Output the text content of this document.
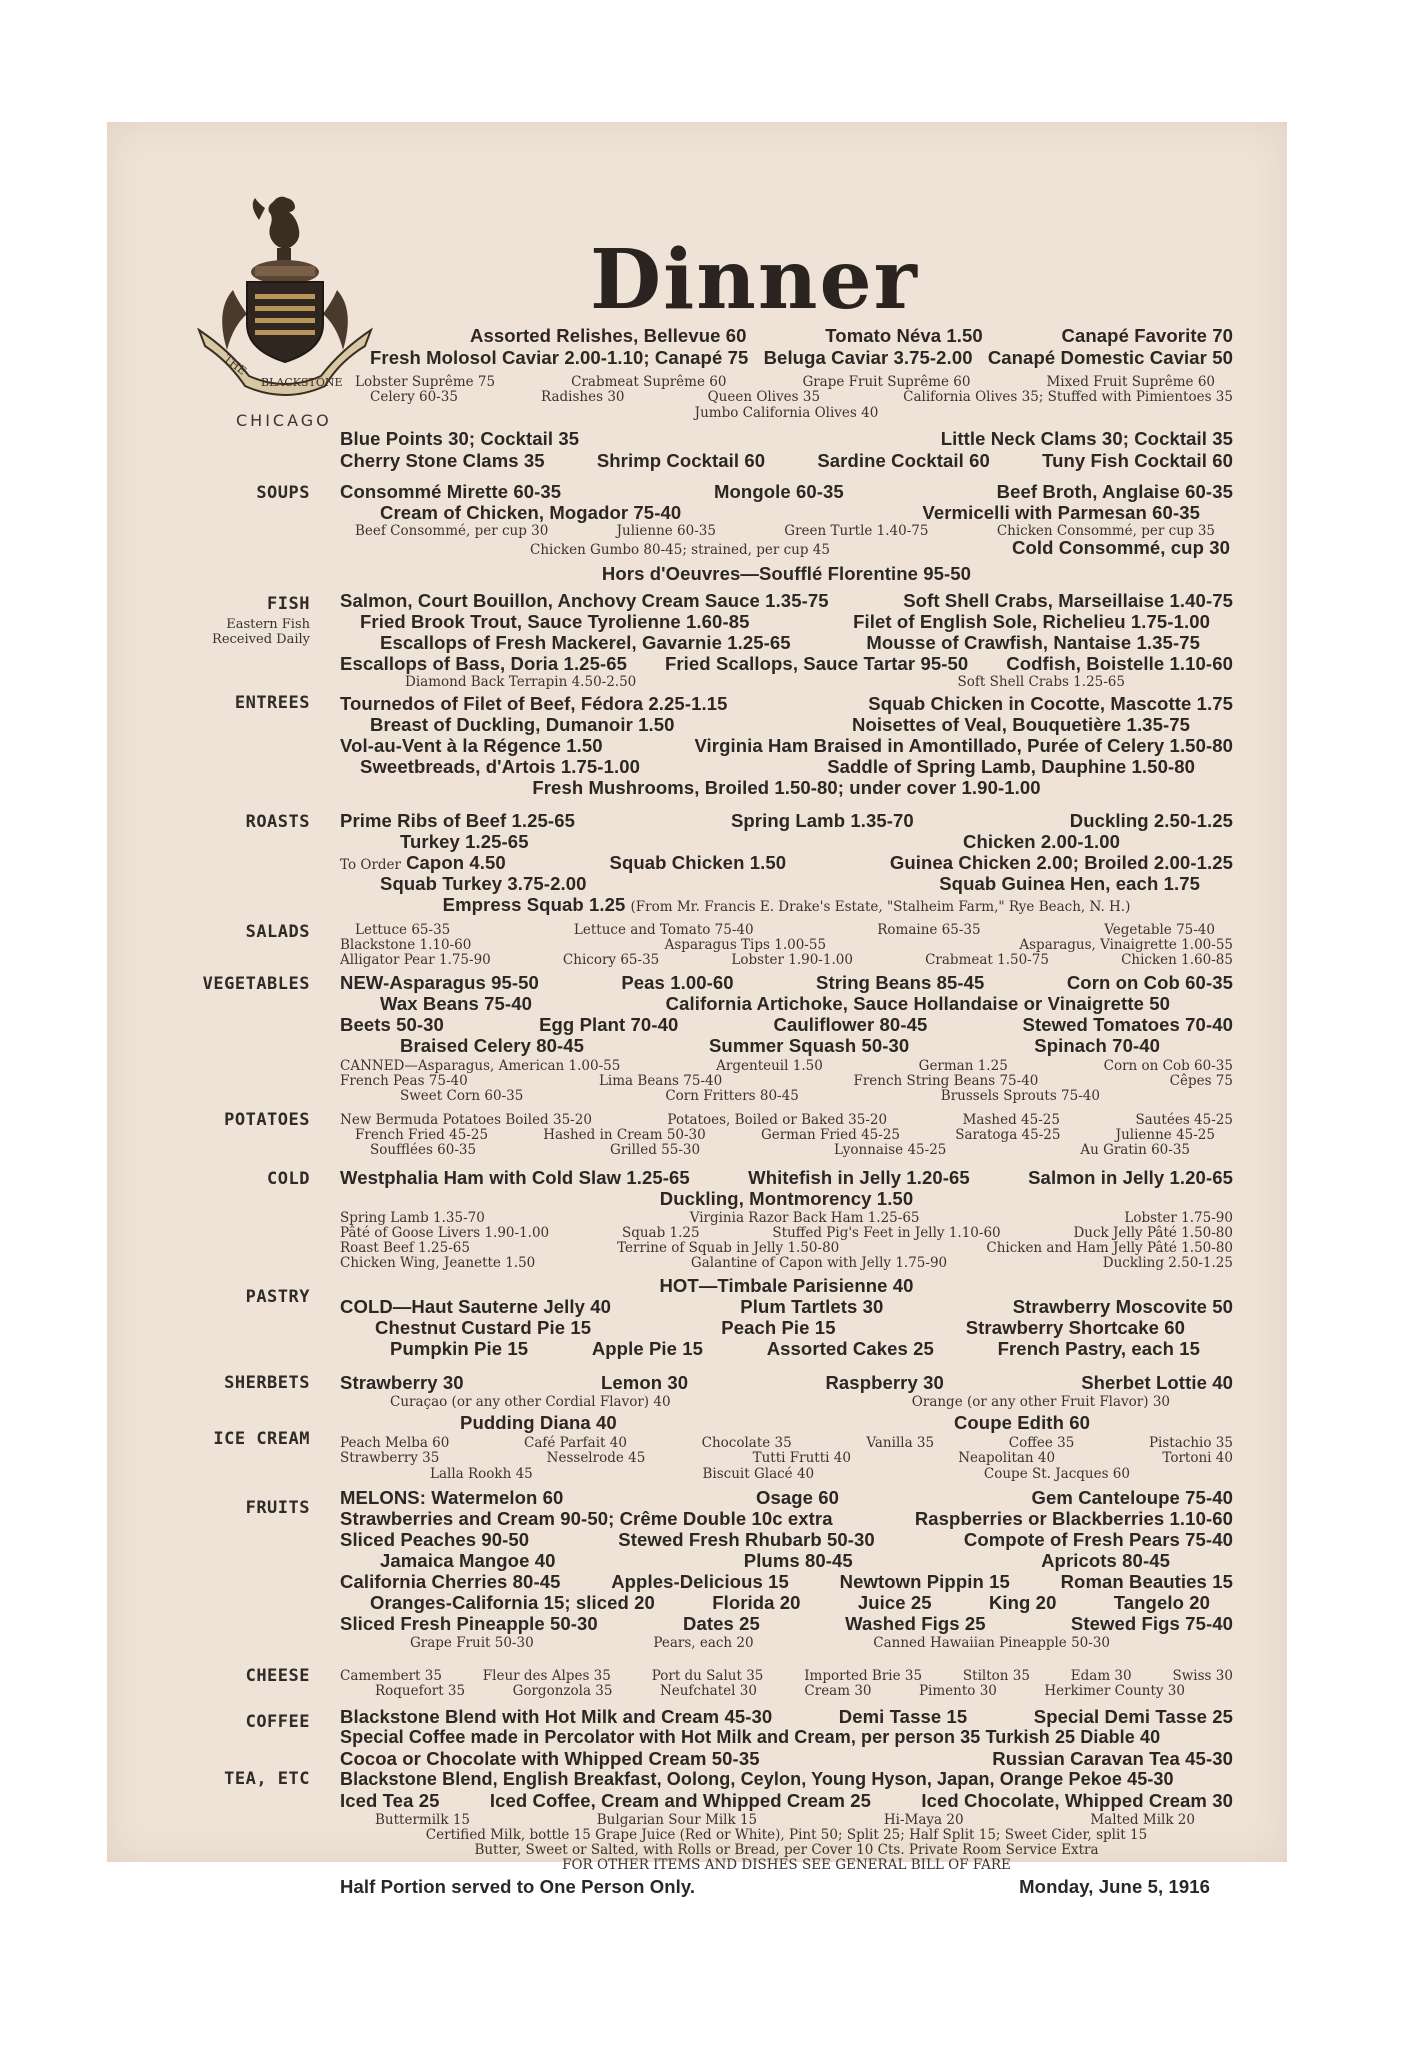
THE
BLACKSTONE
Dinner
CHICAGO
SOUPS
FISH
Eastern Fish
Received Daily
ENTREES
ROASTS
SALADS
VEGETABLES
POTATOES
COLD
PASTRY
SHERBETS
ICE CREAM
FRUITS
CHEESE
COFFEE
TEA, ETC
Assorted Relishes, Bellevue 60	Tomato Néva 1.50	Canapé Favorite 70
Fresh Molosol Caviar 2.00-1.10; Canapé 75 Beluga Caviar 3.75-2.00 Canapé Domestic Caviar 50
Lobster Suprême 75	Crabmeat Suprême 60	Grape Fruit Suprême 60	Mixed Fruit Suprême 60
Celery 60-35	Radishes 30	Queen Olives 35	California Olives 35; Stuffed with Pimientoes 35
Jumbo California Olives 40
Blue Points 30; Cocktail 35	Little Neck Clams 30; Cocktail 35
Cherry Stone Clams 35	Shrimp Cocktail 60	Sardine Cocktail 60	Tuny Fish Cocktail 60
Consommé Mirette 60-35	Mongole 60-35	Beef Broth, Anglaise 60-35
Cream of Chicken, Mogador 75-40	Vermicelli with Parmesan 60-35
Beef Consommé, per cup 30	Julienne 60-35	Green Turtle 1.40-75	Chicken Consommé, per cup 35
Chicken Gumbo 80-45; strained, per cup 45	Cold Consommé, cup 30
Hors d'Oeuvres—Soufflé Florentine 95-50
Salmon, Court Bouillon, Anchovy Cream Sauce 1.35-75	Soft Shell Crabs, Marseillaise 1.40-75
Fried Brook Trout, Sauce Tyrolienne 1.60-85	Filet of English Sole, Richelieu 1.75-1.00
Escallops of Fresh Mackerel, Gavarnie 1.25-65	Mousse of Crawfish, Nantaise 1.35-75
Escallops of Bass, Doria 1.25-65 Fried Scallops, Sauce Tartar 95-50 Codfish, Boistelle 1.10-60
Diamond Back Terrapin 4.50-2.50	Soft Shell Crabs 1.25-65
Tournedos of Filet of Beef, Fédora 2.25-1.15	Squab Chicken in Cocotte, Mascotte 1.75
Breast of Duckling, Dumanoir 1.50	Noisettes of Veal, Bouquetière 1.35-75
Vol-au-Vent à la Régence 1.50	Virginia Ham Braised in Amontillado, Purée of Celery 1.50-80
Sweetbreads, d'Artois 1.75-1.00	Saddle of Spring Lamb, Dauphine 1.50-80
Fresh Mushrooms, Broiled 1.50-80; under cover 1.90-1.00
Prime Ribs of Beef 1.25-65	Spring Lamb 1.35-70	Duckling 2.50-1.25
Turkey 1.25-65	Chicken 2.00-1.00
To Order Capon 4.50	Squab Chicken 1.50	Guinea Chicken 2.00; Broiled 2.00-1.25
Squab Turkey 3.75-2.00	Squab Guinea Hen, each 1.75
Empress Squab 1.25 (From Mr. Francis E. Drake's Estate, "Stalheim Farm," Rye Beach, N. H.)
Lettuce 65-35	Lettuce and Tomato 75-40	Romaine 65-35	Vegetable 75-40
Blackstone 1.10-60	Asparagus Tips 1.00-55	Asparagus, Vinaigrette 1.00-55
Alligator Pear 1.75-90	Chicory 65-35	Lobster 1.90-1.00	Crabmeat 1.50-75	Chicken 1.60-85
NEW-Asparagus 95-50	Peas 1.00-60	String Beans 85-45	Corn on Cob 60-35
Wax Beans 75-40	California Artichoke, Sauce Hollandaise or Vinaigrette 50
Beets 50-30	Egg Plant 70-40	Cauliflower 80-45	Stewed Tomatoes 70-40
Braised Celery 80-45	Summer Squash 50-30	Spinach 70-40
CANNED—Asparagus, American 1.00-55	Argenteuil 1.50	German 1.25	Corn on Cob 60-35
French Peas 75-40	Lima Beans 75-40	French String Beans 75-40	Cêpes 75
Sweet Corn 60-35	Corn Fritters 80-45	Brussels Sprouts 75-40
New Bermuda Potatoes Boiled 35-20	Potatoes, Boiled or Baked 35-20	Mashed 45-25	Sautées 45-25
French Fried 45-25	Hashed in Cream 50-30	German Fried 45-25	Saratoga 45-25	Julienne 45-25
Soufflées 60-35	Grilled 55-30	Lyonnaise 45-25	Au Gratin 60-35
Westphalia Ham with Cold Slaw 1.25-65	Whitefish in Jelly 1.20-65	Salmon in Jelly 1.20-65
Duckling, Montmorency 1.50
Spring Lamb 1.35-70	Virginia Razor Back Ham 1.25-65	Lobster 1.75-90
Pâté of Goose Livers 1.90-1.00	Squab 1.25	Stuffed Pig's Feet in Jelly 1.10-60	Duck Jelly Pâté 1.50-80
Roast Beef 1.25-65	Terrine of Squab in Jelly 1.50-80	Chicken and Ham Jelly Pâté 1.50-80
Chicken Wing, Jeanette 1.50	Galantine of Capon with Jelly 1.75-90	Duckling 2.50-1.25
HOT—Timbale Parisienne 40
COLD—Haut Sauterne Jelly 40	Plum Tartlets 30	Strawberry Moscovite 50
Chestnut Custard Pie 15	Peach Pie 15	Strawberry Shortcake 60
Pumpkin Pie 15	Apple Pie 15	Assorted Cakes 25	French Pastry, each 15
Strawberry 30	Lemon 30	Raspberry 30	Sherbet Lottie 40
Curaçao (or any other Cordial Flavor) 40	Orange (or any other Fruit Flavor) 30
Pudding Diana 40	Coupe Edith 60
Peach Melba 60	Café Parfait 40	Chocolate 35	Vanilla 35	Coffee 35	Pistachio 35
Strawberry 35	Nesselrode 45	Tutti Frutti 40	Neapolitan 40	Tortoni 40
Lalla Rookh 45	Biscuit Glacé 40	Coupe St. Jacques 60
MELONS: Watermelon 60	Osage 60	Gem Canteloupe 75-40
Strawberries and Cream 90-50; Crême Double 10c extra	Raspberries or Blackberries 1.10-60
Sliced Peaches 90-50	Stewed Fresh Rhubarb 50-30	Compote of Fresh Pears 75-40
Jamaica Mangoe 40	Plums 80-45	Apricots 80-45
California Cherries 80-45	Apples-Delicious 15	Newtown Pippin 15	Roman Beauties 15
Oranges-California 15; sliced 20	Florida 20	Juice 25	King 20	Tangelo 20
Sliced Fresh Pineapple 50-30	Dates 25	Washed Figs 25	Stewed Figs 75-40
Grape Fruit 50-30	Pears, each 20	Canned Hawaiian Pineapple 50-30
Camembert 35	Fleur des Alpes 35	Port du Salut 35	Imported Brie 35	Stilton 35	Edam 30	Swiss 30
Roquefort 35	Gorgonzola 35	Neufchatel 30	Cream 30	Pimento 30	Herkimer County 30
Blackstone Blend with Hot Milk and Cream 45-30	Demi Tasse 15	Special Demi Tasse 25
Special Coffee made in Percolator with Hot Milk and Cream, per person 35 Turkish 25 Diable 40
Cocoa or Chocolate with Whipped Cream 50-35	Russian Caravan Tea 45-30
Blackstone Blend, English Breakfast, Oolong, Ceylon, Young Hyson, Japan, Orange Pekoe 45-30
Iced Tea 25	Iced Coffee, Cream and Whipped Cream 25	Iced Chocolate, Whipped Cream 30
Buttermilk 15	Bulgarian Sour Milk 15	Hi-Maya 20	Malted Milk 20
Certified Milk, bottle 15 Grape Juice (Red or White), Pint 50; Split 25; Half Split 15; Sweet Cider, split 15
Butter, Sweet or Salted, with Rolls or Bread, per Cover 10 Cts. Private Room Service Extra
FOR OTHER ITEMS AND DISHES SEE GENERAL BILL OF FARE
Half Portion served to One Person Only.	Monday, June 5, 1916
